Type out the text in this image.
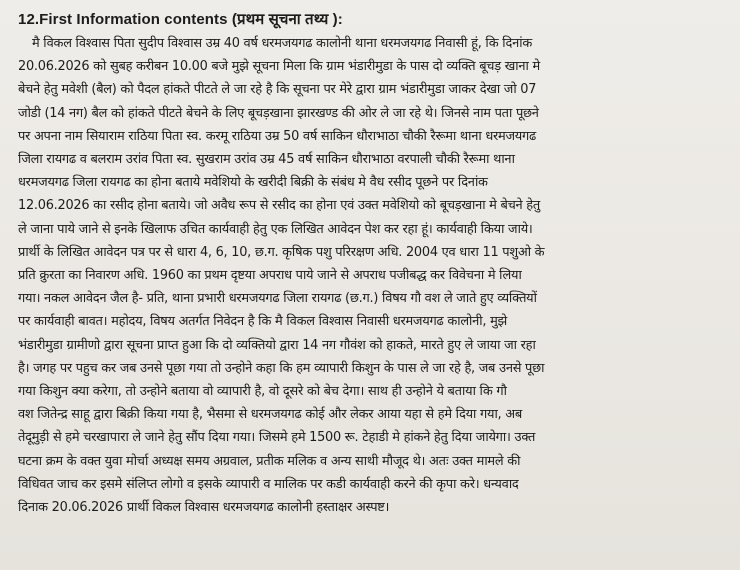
12.First Information contents (प्रथम सूचना तथ्य ):
मै विकल विश्वास पिता सुदीप विश्वास उम्र 40 वर्ष धरमजयगढ कालोनी थाना धरमजयगढ निवासी हूं, कि दिनांक
20.06.2026 को सुबह करीबन 10.00 बजे मुझे सूचना मिला कि ग्राम भंडारीमुडा के पास दो व्यक्ति बूचड़ खाना मे
बेचने हेतु मवेशी (बैल) को पैदल हांकते पीटते ले जा रहे है कि सूचना पर मेरे द्वारा ग्राम भंडारीमुडा जाकर देखा जो 07
जोडी (14 नग) बैल को हांकते पीटते बेचने के लिए बूचड़खाना झारखण्ड की ओर ले जा रहे थे। जिनसे नाम पता पूछने
पर अपना नाम सियाराम राठिया पिता स्व. करमू राठिया उम्र 50 वर्ष साकिन धौराभाठा चौकी रैरूमा थाना धरमजयगढ
जिला रायगढ व बलराम उरांव पिता स्व. सुखराम उरांव उम्र 45 वर्ष साकिन धौराभाठा वरपाली चौकी रैरूमा थाना
धरमजयगढ जिला रायगढ का होना बताये मवेशियो के खरीदी बिक्री के संबंध मे वैध रसीद पूछने पर दिनांक
12.06.2026 का रसीद होना बताये। जो अवैध रूप से रसीद का होना एवं उक्त मवेशियो को बूचड़खाना मे बेचने हेतु
ले जाना पाये जाने से इनके खिलाफ उचित कार्यवाही हेतु एक लिखित आवेदन पेश कर रहा हूं। कार्यवाही किया जाये।
प्रार्थी के लिखित आवेदन पत्र पर से धारा 4, 6, 10, छ.ग. कृषिक पशु परिरक्षण अधि. 2004 एव धारा 11 पशुओ के
प्रति क्रुरता का निवारण अधि. 1960 का प्रथम दृष्टया अपराध पाये जाने से अपराध पजीबद्ध कर विवेचना मे लिया
गया। नकल आवेदन जैल है- प्रति, थाना प्रभारी धरमजयगढ जिला रायगढ (छ.ग.) विषय गौ वश ले जाते हुए व्यक्तियों
पर कार्यवाही बावत। महोदय, विषय अतर्गत निवेदन है कि मै विकल विश्वास निवासी धरमजयगढ कालोनी, मुझे
भंडारीमुडा ग्रामीणो द्वारा सूचना प्राप्त हुआ कि दो व्यक्तियो द्वारा 14 नग गौवंश को हाकते, मारते हुए ले जाया जा रहा
है। जगह पर पहुच कर जब उनसे पूछा गया तो उन्होने कहा कि हम व्यापारी किशुन के पास ले जा रहे है, जब उनसे पूछा
गया किशुन क्या करेगा, तो उन्होने बताया वो व्यापारी है, वो दूसरे को बेच देगा। साथ ही उन्होने ये बताया कि गौ
वश जितेन्द्र साहू द्वारा बिक्री किया गया है, भैसमा से धरमजयगढ कोई और लेकर आया यहा से हमे दिया गया, अब
तेदूमुड़ी से हमे चरखापारा ले जाने हेतु सौंप दिया गया। जिसमे हमे 1500 रू. टेहाडी मे हांकने हेतु दिया जायेगा। उक्त
घटना क्रम के वक्त युवा मोर्चा अध्यक्ष समय अग्रवाल, प्रतीक मलिक व अन्य साथी मौजूद थे। अतः उक्त मामले की
विधिवत जाच कर इसमे संलिप्त लोगो व इसके व्यापारी व मालिक पर कडी कार्यवाही करने की कृपा करे। धन्यवाद
दिनाक 20.06.2026 प्रार्थी विकल विश्वास धरमजयगढ कालोनी हस्ताक्षर अस्पष्ट।
